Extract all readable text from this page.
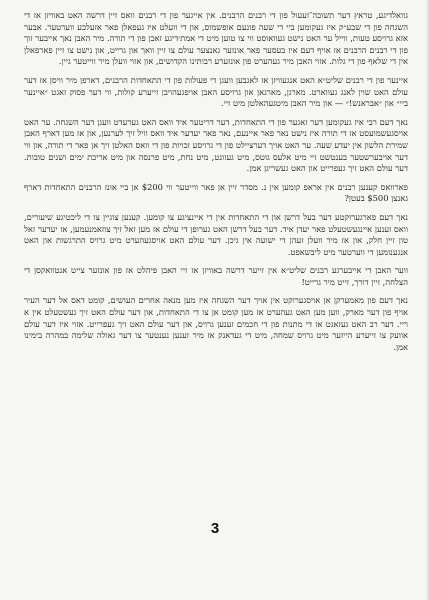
גוואלדיגע, טראץ דער תשובה־זעעול פון די רבנים הרבנים. אין אייגער פון די רבנים וואס זיין דרשה האט באוויזן אז די השגחה פון די שבע״ק איז געקומען ביי די שעה פונעם אופשמוס, און די וועלט איז געפאלן פאר אזעלכע ווערטער. אבער אזא גרויסע טעות, ווייל ער האט נישט געוואוסט ווי צו טוען מיט די אמת׳דיגע זאכן פון די תורה. מיר האבן נאך אייבער זוך פון די רבנים הרבנים אז אויף דעם איז בעסער פאר אונזער גאנצער עולם צו זיין וואך און גרייט, און נישט צו זיין פארפאלן אין די שלאף פון די גלות. אזוי האבן מיר געהערט פון אונזערע רבותינו הקדושים, און אזוי וועלן מיר ווייטער גיין.

איינער פון די רבנים שליט״א האט אנגעוויזן אז לאגבען וועגן די פעולות פון די התאחדות הרבנים, דארפן מיר וויסן אז דער עולם האט שוין לאנג געווארט. מארגן, מארגאן און גרויסע האבן אויפגעהויבן זייערע קולות, ווי דער פסוק זאגט ״איינער ביי״ און ״אבראנש!״ — און מיר האבן מיטגעהאלטן מיט זיי.

נאך דעם רבי איז געקומען דער זאגער פון די התאחדות, דער דריטער איד וואס האט גערעדט וועגן דער השגחה. ער האט אויסגעשמועסט אז די תורה איז נישט נאר פאר איינעם, נאר פאר יעדער איד וואס וויל זיך לערנען, און אז מען דארף האבן שמירת הלשון אין יעדע שעה. ער האט אויך דערציילט פון די גרויסע זכויות פון די וואס האלטן זיך אן פאר די תורה, און ווי דער אויבערשטער בענטשט זיי מיט אלעס גוטס, מיט געזונט, מיט נחת, מיט פרנסה און מיט אריכת ימים ושנים טובות. דער עולם האט זיך געפרייט און האט געשריגן אמן.

פארוואס קענען רבנים אין אראפ קומען אין נ. מסדר זיין אן פאר ווייטער ווי $200 אן ביי אונז הרבנים התאחדות דארף גאנצן $500 בעטן?

נאך דעם פארגערוקטע דער בעל דרשן און די התאחדות אין די איינציגע צו קומען. קענען צוגיין צו די ליכטיגע שיעורים, וואס זענען איינגעשטעלט פאר יעדן איד. דער בעל דרשן האט גערופן די עולם אז מען זאל זיך צוזאמנעמען, אז יעדער זאל טון זיין חלק, און אז מיר וועלן זעהן די ישועה אין גיכן. דער עולם האט אויסגעהערט מיט גרויס התרגשות און האט אנגענומען די ווערטער מיט ליבשאפט.

ווער האבן די אייבערגע רבנים שליט״א אין זייער דרשה באוויזן אז זיי האבן פיהלט אז פון אונזער צייט אנטוואקסן די הצלחה, זיין דורך, זייט מיר גרייט!

נאך דעם פון מאמערקן אן אויסגערוקט אין אויך דער השגחה איז מען מנאה אחרים העושים, קומט דאס אל דער העיר אויף פון דער מארק, ווען מען האט געהערט אז מען קומט אן צו די התאחדות, און דער עולם האט זיך געשטעלט אין א ריי. דער רב האט געזאגט אז די מתנות פון די חכמים זענען גרויס, און דער עולם האט זיך געפרייט. אזוי איז דער עולם אוועק צו זייערע הייזער מיט גרויס שמחה, מיט די געדאנק אז מיר זענען נענטער צו דער גאולה שלימה במהרה בימינו אמן.

3
